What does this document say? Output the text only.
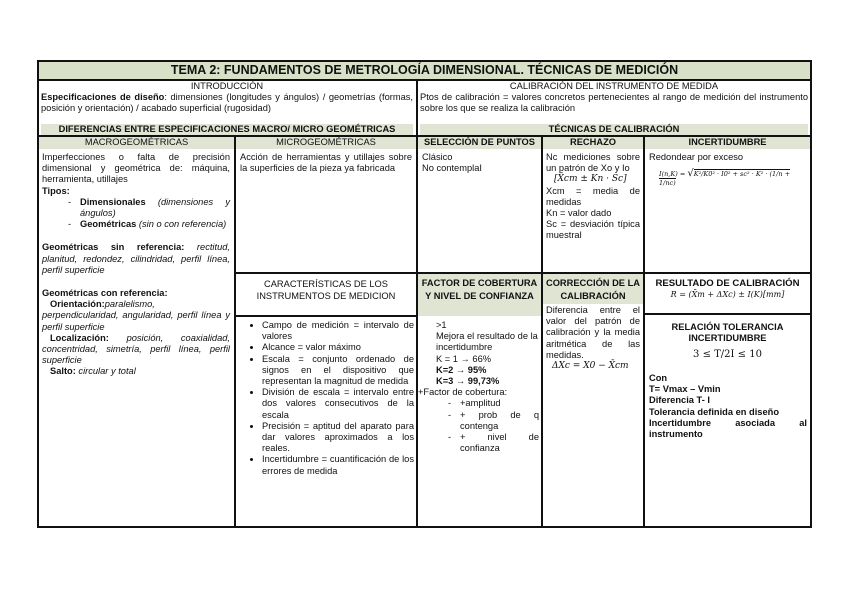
TEMA 2: FUNDAMENTOS DE METROLOGÍA DIMENSIONAL. TÉCNICAS DE MEDICIÓN
INTRODUCCIÓN
Especificaciones de diseño: dimensiones (longitudes y ángulos) / geometrías (formas, posición y orientación) / acabado superficial (rugosidad)
DIFERENCIAS ENTRE ESPECIFICACIONES MACRO/ MICRO GEOMÉTRICAS
CALIBRACIÓN DEL INSTRUMENTO DE MEDIDA
Ptos de calibración = valores concretos pertenecientes al rango de medición del instrumento sobre los que se realiza la calibración
TÉCNICAS DE CALIBRACIÓN
MACROGEOMÉTRICAS
Imperfecciones o falta de precisión dimensional y geométrica de: máquina, herramienta, utillajes
Tipos:
- Dimensionales (dimensiones y ángulos)
- Geométricas (sin o con referencia)
Geométricas sin referencia: rectitud, planitud, redondez, cilindridad, perfil línea, perfil superficie
Geométricas con referencia:
Orientación:paralelismo, perpendicularidad, angularidad, perfil línea y perfil superficie
Localización: posición, coaxialidad, concentridad, simetría, perfil línea, perfil superficie
Salto: circular y total
MICROGEOMÉTRICAS
Acción de herramientas y utillajes sobre la superficies de la pieza ya fabricada
CARACTERÍSTICAS DE LOS INSTRUMENTOS DE MEDICION
• Campo de medición = intervalo de valores
• Alcance = valor máximo
• Escala = conjunto ordenado de signos en el dispositivo que representan la magnitud de medida
• División de escala = intervalo entre dos valores consecutivos de la escala
• Precisión = aptitud del aparato para dar valores aproximados a los reales.
• Incertidumbre = cuantificación de los errores de medida
SELECCIÓN DE PUNTOS
Clásico
No contemplaI
RECHAZO
Nc mediciones sobre un patrón de Xo y Io
[X̄cm ± Kn · Sc]
Xcm = media de medidas
Kn = valor dado
Sc = desviación típica muestral
INCERTIDUMBRE
Redondear por exceso
I(n,K) = √K²/K0² · I0² + sc² · K² · (1/n + 1/nc)
FACTOR DE COBERTURA Y NIVEL DE CONFIANZA
>1
Mejora el resultado de la incertidumbre
K = 1 → 66%
K=2 → 95%
K=3 → 99,73%
+Factor de cobertura:
- +amplitud
- + prob de q contenga
- + nivel de confianza
CORRECCIÓN DE LA CALIBRACIÓN
Diferencia entre el valor del patrón de calibración y la media aritmética de las medidas.
ΔXc = X0 − X̄cm
RESULTADO DE CALIBRACIÓN
R = (X̄m + ΔXc) ± I(K)[mm]
RELACIÓN TOLERANCIA INCERTIDUMBRE
3 ≤ T/2I ≤ 10
Con
T= Vmax – Vmin
Diferencia T- I
Tolerancia definida en diseño
Incertidumbre asociada al instrumento
